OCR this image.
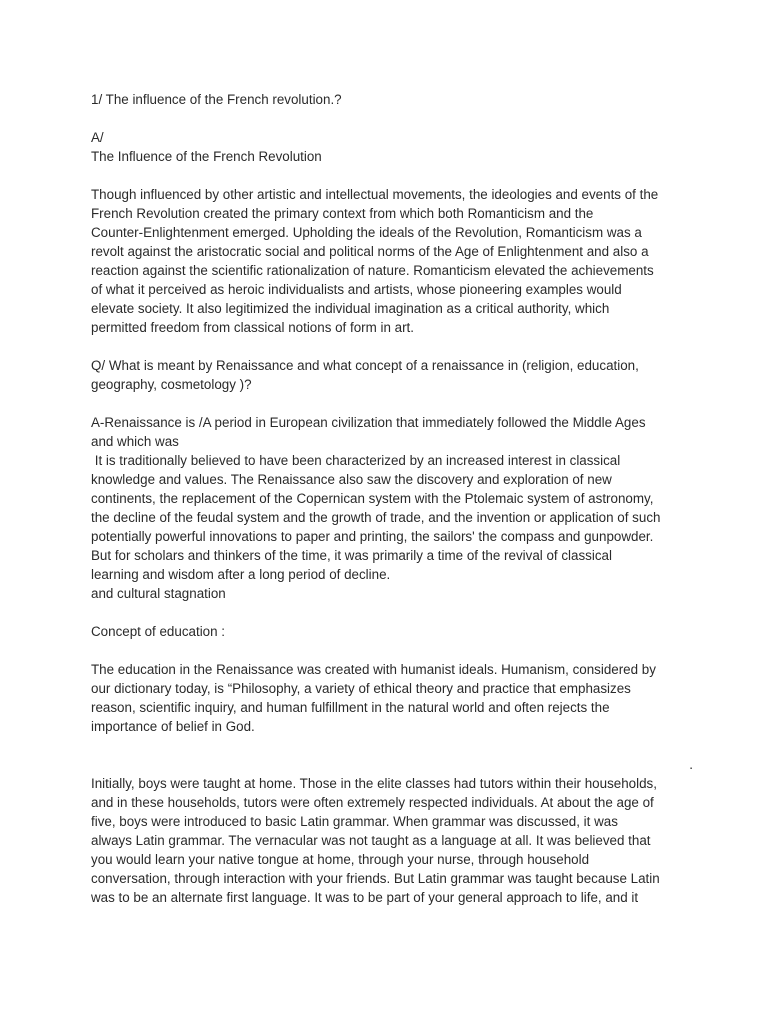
1/ The influence of the French revolution.?
A/
The Influence of the French Revolution
Though influenced by other artistic and intellectual movements, the ideologies and events of the
French Revolution created the primary context from which both Romanticism and the
Counter-Enlightenment emerged. Upholding the ideals of the Revolution, Romanticism was a
revolt against the aristocratic social and political norms of the Age of Enlightenment and also a
reaction against the scientific rationalization of nature. Romanticism elevated the achievements
of what it perceived as heroic individualists and artists, whose pioneering examples would
elevate society. It also legitimized the individual imagination as a critical authority, which
permitted freedom from classical notions of form in art.
Q/ What is meant by Renaissance and what concept of a renaissance in (religion, education,
geography, cosmetology )?
A-Renaissance is /A period in European civilization that immediately followed the Middle Ages
and which was
It is traditionally believed to have been characterized by an increased interest in classical
knowledge and values. The Renaissance also saw the discovery and exploration of new
continents, the replacement of the Copernican system with the Ptolemaic system of astronomy,
the decline of the feudal system and the growth of trade, and the invention or application of such
potentially powerful innovations to paper and printing, the sailors' the compass and gunpowder.
But for scholars and thinkers of the time, it was primarily a time of the revival of classical
learning and wisdom after a long period of decline.
and cultural stagnation
Concept of education :
The education in the Renaissance was created with humanist ideals. Humanism, considered by
our dictionary today, is “Philosophy, a variety of ethical theory and practice that emphasizes
reason, scientific inquiry, and human fulfillment in the natural world and often rejects the
importance of belief in God.
.
Initially, boys were taught at home. Those in the elite classes had tutors within their households,
and in these households, tutors were often extremely respected individuals. At about the age of
five, boys were introduced to basic Latin grammar. When grammar was discussed, it was
always Latin grammar. The vernacular was not taught as a language at all. It was believed that
you would learn your native tongue at home, through your nurse, through household
conversation, through interaction with your friends. But Latin grammar was taught because Latin
was to be an alternate first language. It was to be part of your general approach to life, and it
